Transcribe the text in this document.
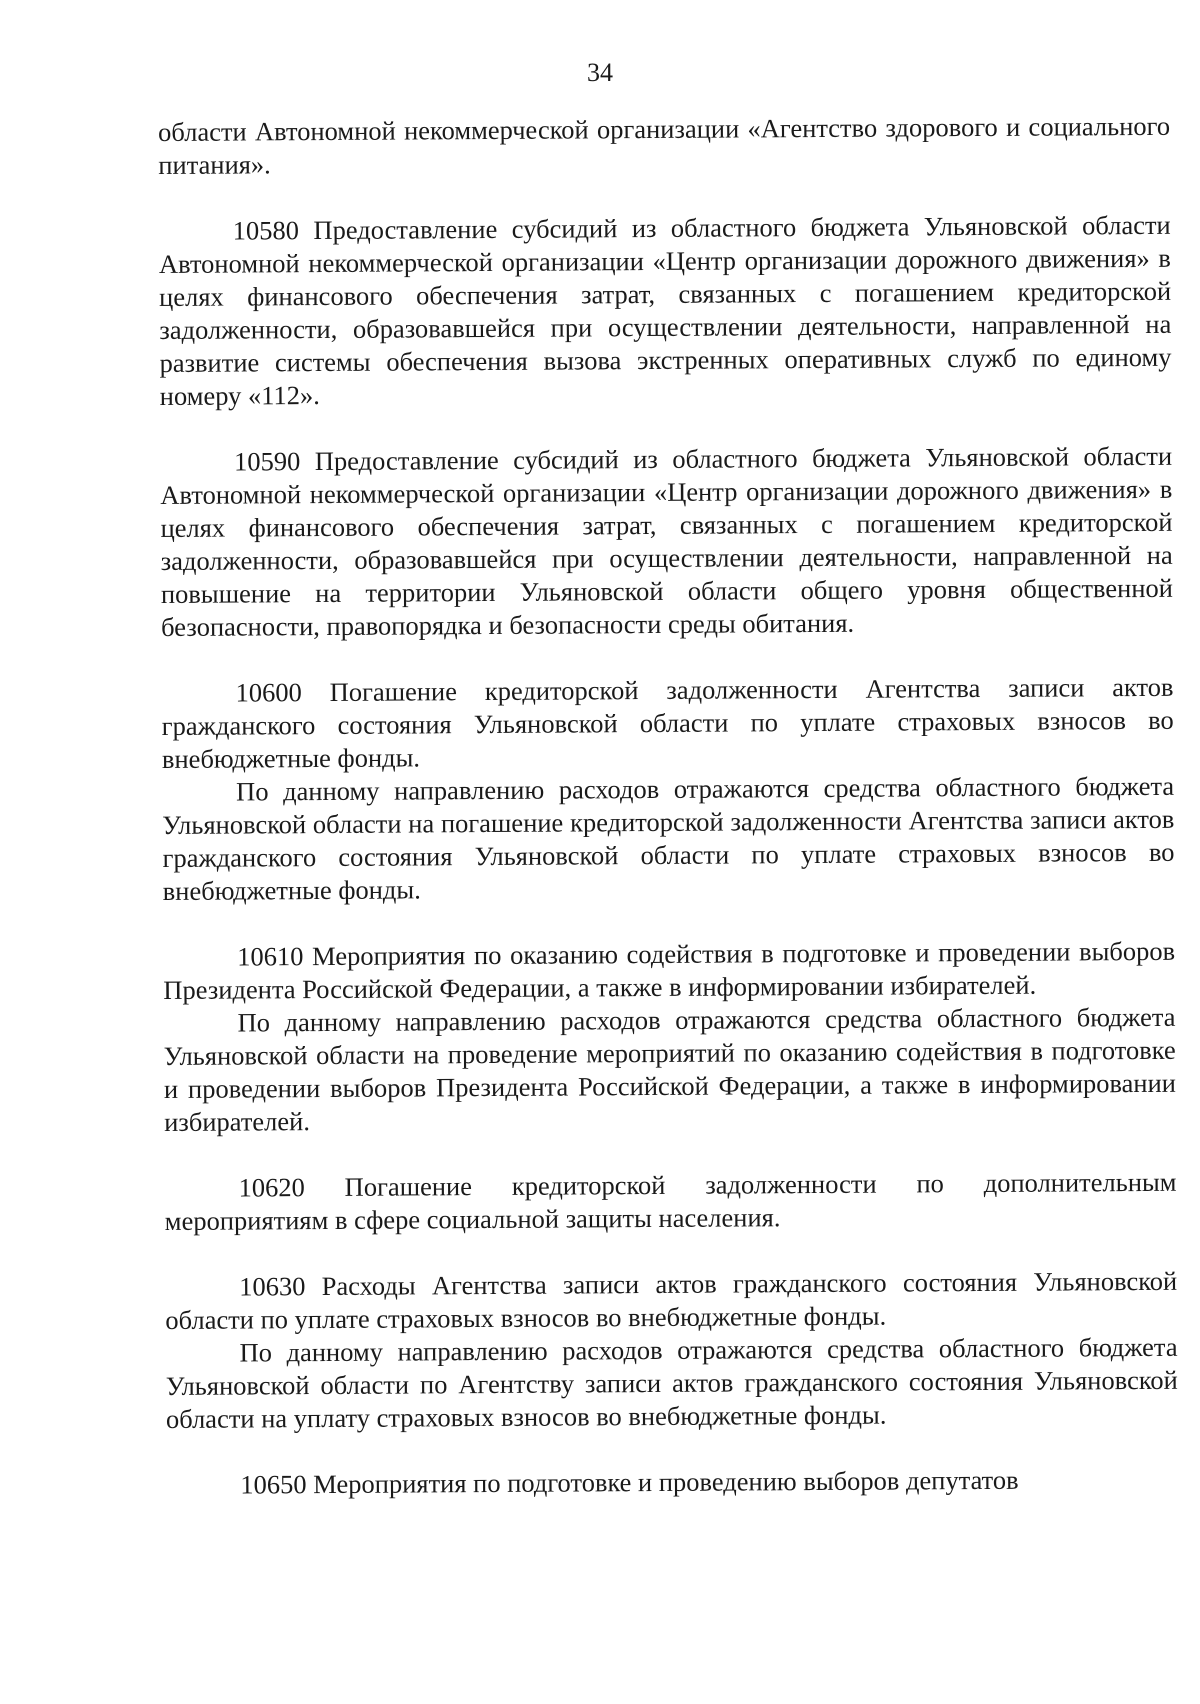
34

области Автономной некоммерческой организации «Агентство здорового и социального питания».

10580 Предоставление субсидий из областного бюджета Ульяновской области Автономной некоммерческой организации «Центр организации дорожного движения» в целях финансового обеспечения затрат, связанных с погашением кредиторской задолженности, образовавшейся при осуществлении деятельности, направленной на развитие системы обеспечения вызова экстренных оперативных служб по единому номеру «112».

10590 Предоставление субсидий из областного бюджета Ульяновской области Автономной некоммерческой организации «Центр организации дорожного движения» в целях финансового обеспечения затрат, связанных с погашением кредиторской задолженности, образовавшейся при осуществлении деятельности, направленной на повышение на территории Ульяновской области общего уровня общественной безопасности, правопорядка и безопасности среды обитания.

10600 Погашение кредиторской задолженности Агентства записи актов гражданского состояния Ульяновской области по уплате страховых взносов во внебюджетные фонды.

По данному направлению расходов отражаются средства областного бюджета Ульяновской области на погашение кредиторской задолженности Агентства записи актов гражданского состояния Ульяновской области по уплате страховых взносов во внебюджетные фонды.

10610 Мероприятия по оказанию содействия в подготовке и проведении выборов Президента Российской Федерации, а также в информировании избирателей.

По данному направлению расходов отражаются средства областного бюджета Ульяновской области на проведение мероприятий по оказанию содействия в подготовке и проведении выборов Президента Российской Федерации, а также в информировании избирателей.

10620 Погашение кредиторской задолженности по дополнительным мероприятиям в сфере социальной защиты населения.

10630 Расходы Агентства записи актов гражданского состояния Ульяновской области по уплате страховых взносов во внебюджетные фонды.

По данному направлению расходов отражаются средства областного бюджета Ульяновской области по Агентству записи актов гражданского состояния Ульяновской области на уплату страховых взносов во внебюджетные фонды.

10650 Мероприятия по подготовке и проведению выборов депутатов
